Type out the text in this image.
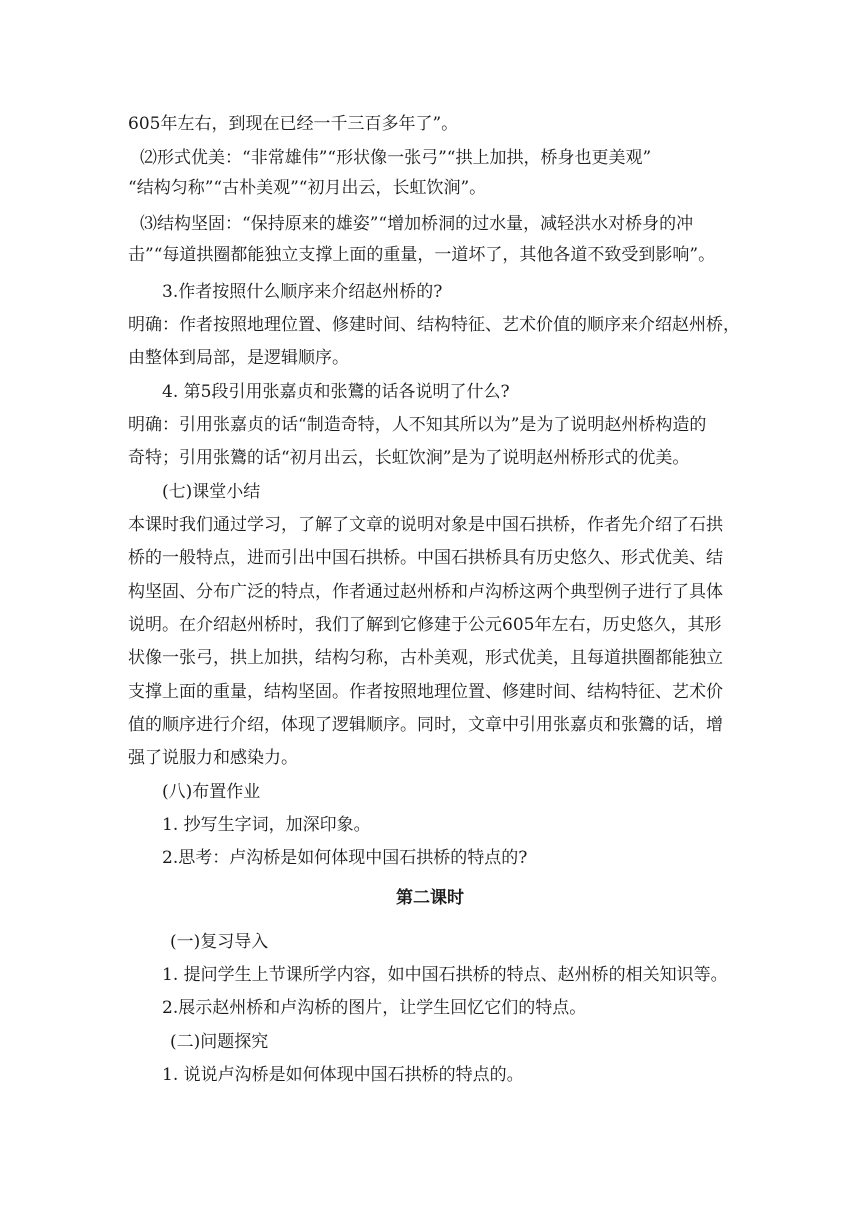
605年左右，到现在已经一千三百多年了”。
⑵形式优美：“非常雄伟”“形状像一张弓”“拱上加拱，桥身也更美观”
“结构匀称”“古朴美观”“初月出云，长虹饮涧”。
⑶结构坚固：“保持原来的雄姿”“增加桥洞的过水量，减轻洪水对桥身的冲
击”“每道拱圈都能独立支撑上面的重量，一道坏了，其他各道不致受到影响”。
3.作者按照什么顺序来介绍赵州桥的?
明确：作者按照地理位置、修建时间、结构特征、艺术价值的顺序来介绍赵州桥，
由整体到局部，是逻辑顺序。
4. 第5段引用张嘉贞和张鷟的话各说明了什么?
明确：引用张嘉贞的话“制造奇特，人不知其所以为”是为了说明赵州桥构造的
奇特；引用张鷟的话“初月出云，长虹饮涧”是为了说明赵州桥形式的优美。
(七)课堂小结
本课时我们通过学习，了解了文章的说明对象是中国石拱桥，作者先介绍了石拱
桥的一般特点，进而引出中国石拱桥。中国石拱桥具有历史悠久、形式优美、结
构坚固、分布广泛的特点，作者通过赵州桥和卢沟桥这两个典型例子进行了具体
说明。在介绍赵州桥时，我们了解到它修建于公元605年左右，历史悠久，其形
状像一张弓，拱上加拱，结构匀称，古朴美观，形式优美，且每道拱圈都能独立
支撑上面的重量，结构坚固。作者按照地理位置、修建时间、结构特征、艺术价
值的顺序进行介绍，体现了逻辑顺序。同时，文章中引用张嘉贞和张鷟的话，增
强了说服力和感染力。
(八)布置作业
1. 抄写生字词，加深印象。
2.思考：卢沟桥是如何体现中国石拱桥的特点的?
第二课时
(一)复习导入
1. 提问学生上节课所学内容，如中国石拱桥的特点、赵州桥的相关知识等。
2.展示赵州桥和卢沟桥的图片，让学生回忆它们的特点。
(二)问题探究
1. 说说卢沟桥是如何体现中国石拱桥的特点的。
